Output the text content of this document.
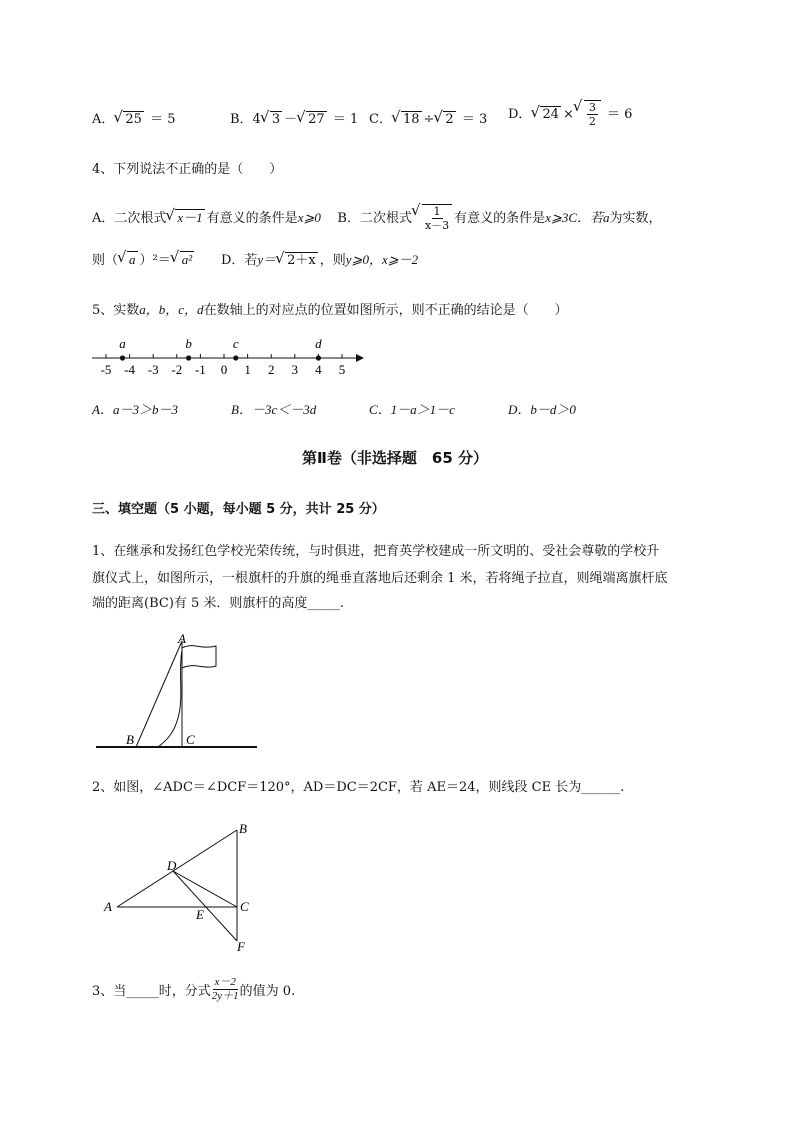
A． √ 25 ＝ 5	B．4 √ 3 － √ 27 ＝ 1 C． √ 18 ÷ √ 2 ＝ 3 D． √ 24 × √ $\frac{3}{2} = 6$
4、下列说法不正确的是（　　）
A．二次根式 √ x－1 有意义的条件是x⩾0 B．二次根式 √ $\frac{1}{x-3}$ 有意义的条件是x⩾3C．若a为实数，
则（ √ a ）²＝ √ a² D．若y＝ √ 2＋x ，则y⩾0，x⩾－2
5、实数a，b，c，d在数轴上的对应点的位置如图所示，则不正确的结论是（　　）
-5 -4 -3 -2 -1 0 1 2 3 4 5
a	b	c	d
A．a－3＞b－3	B．－3c＜－3d	C．1－a＞1－c	D．b－d＞0
第Ⅱ卷（非选择题　65 分）
三、填空题（5 小题，每小题 5 分，共计 25 分）
1、在继承和发扬红色学校光荣传统，与时俱进，把育英学校建成一所文明的、受社会尊敬的学校升
旗仪式上，如图所示，一根旗杆的升旗的绳垂直落地后还剩余 1 米，若将绳子拉直，则绳端离旗杆底
端的距离(BC)有 5 米．则旗杆的高度_____.
A
B	C
2、如图，∠ADC＝∠DCF＝120°，AD＝DC＝2CF，若 AE＝24，则线段 CE 长为______.
B
D
A
E
C
F
3、当_____时，分式 $\frac{x-2}{2y+1}$ 的值为 0.
